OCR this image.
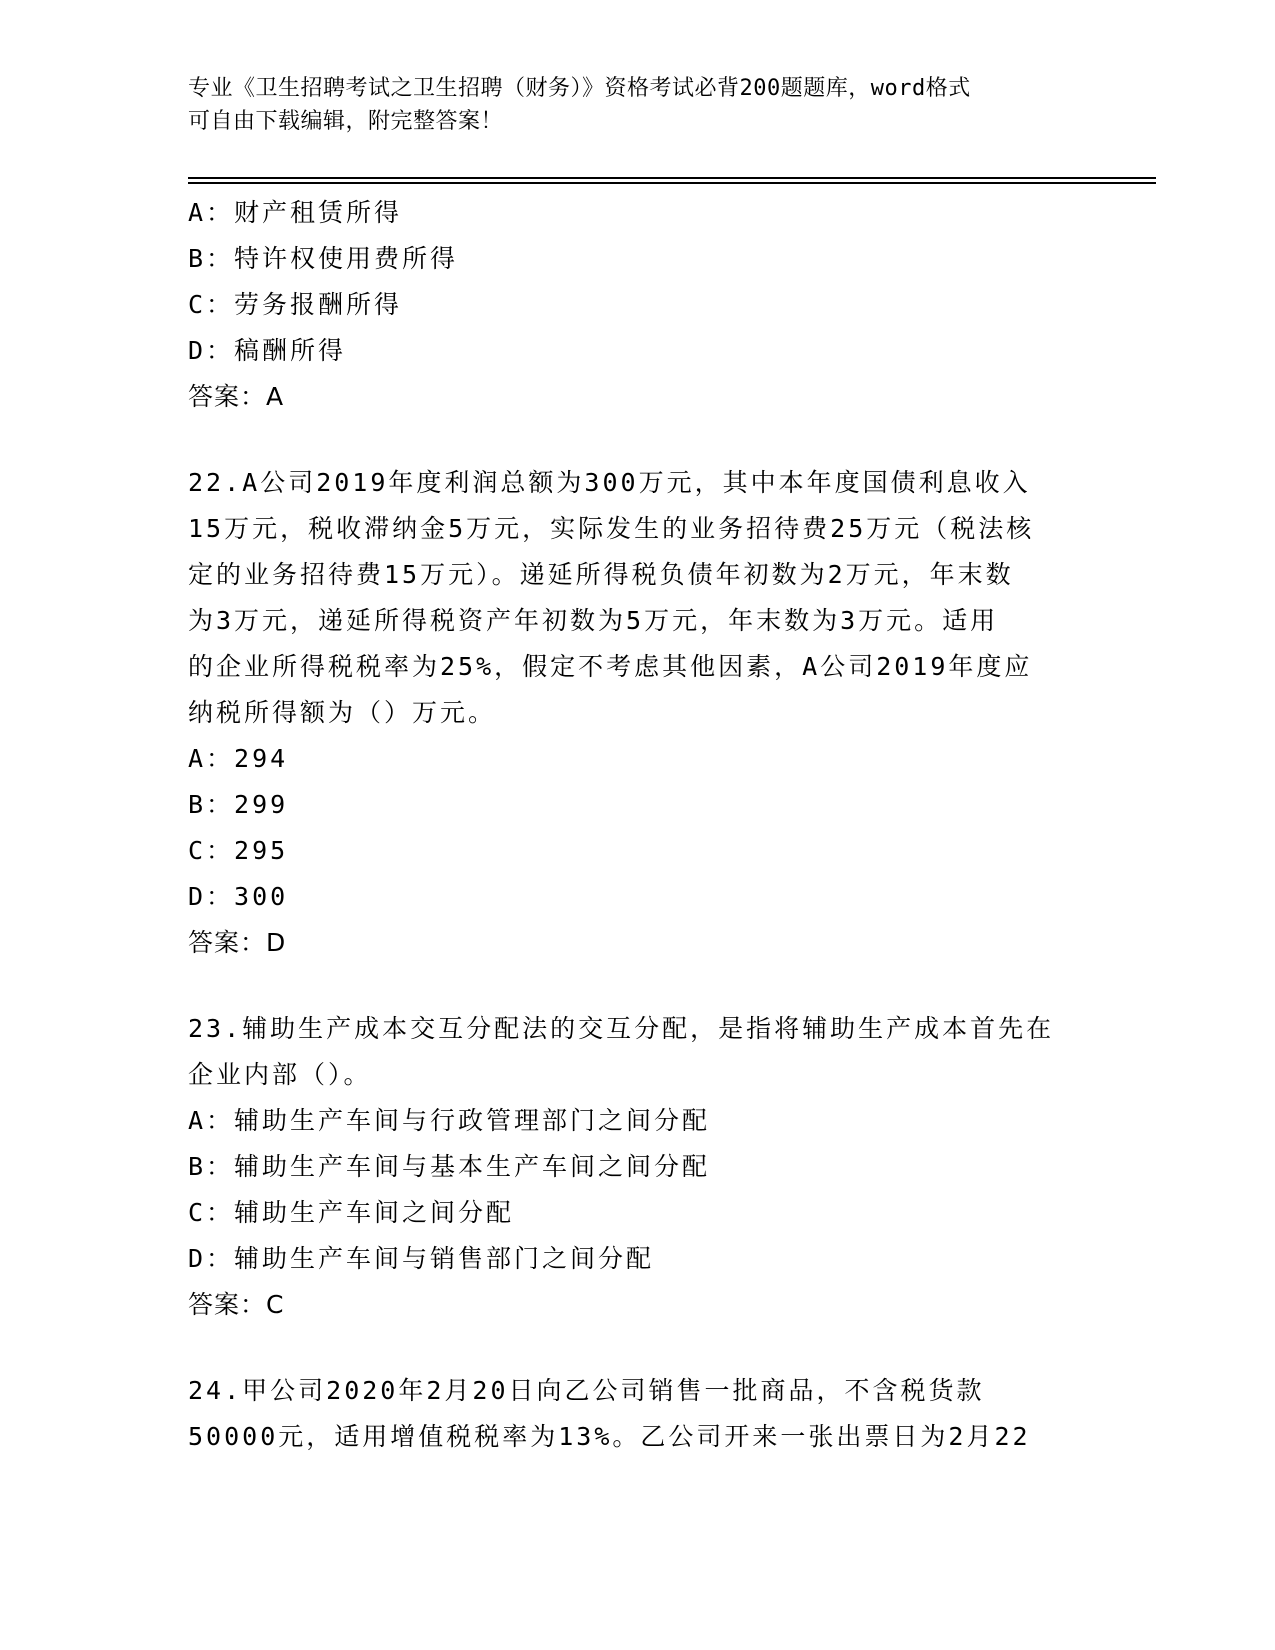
专业《卫生招聘考试之卫生招聘（财务）》资格考试必背200题题库，word格式
可自由下载编辑，附完整答案！
A：财产租赁所得
B：特许权使用费所得
C：劳务报酬所得
D：稿酬所得
答案：A
22.A公司2019年度利润总额为300万元，其中本年度国债利息收入
15万元，税收滞纳金5万元，实际发生的业务招待费25万元（税法核
定的业务招待费15万元）。递延所得税负债年初数为2万元，年末数
为3万元，递延所得税资产年初数为5万元，年末数为3万元。适用
的企业所得税税率为25%，假定不考虑其他因素，A公司2019年度应
纳税所得额为（）万元。
A：294
B：299
C：295
D：300
答案：D
23.辅助生产成本交互分配法的交互分配，是指将辅助生产成本首先在
企业内部（）。
A：辅助生产车间与行政管理部门之间分配
B：辅助生产车间与基本生产车间之间分配
C：辅助生产车间之间分配
D：辅助生产车间与销售部门之间分配
答案：C
24.甲公司2020年2月20日向乙公司销售一批商品，不含税货款
50000元，适用增值税税率为13%。乙公司开来一张出票日为2月22
